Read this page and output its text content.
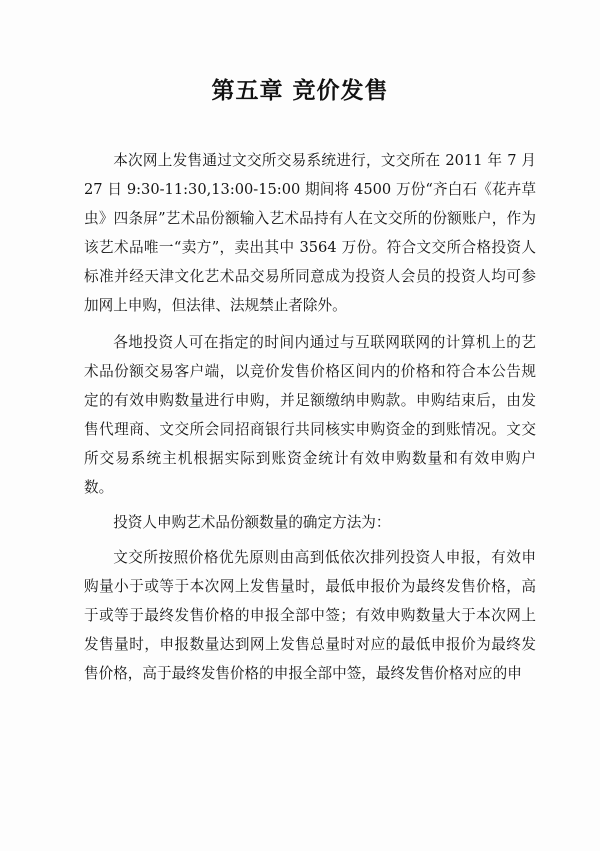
第五章 竞价发售

本次网上发售通过文交所交易系统进行，文交所在 2011 年 7 月 27 日 9:30-11:30,13:00-15:00 期间将 4500 万份“齐白石《花卉草虫》四条屏”艺术品份额输入艺术品持有人在文交所的份额账户，作为该艺术品唯一“卖方”，卖出其中 3564 万份。符合文交所合格投资人标准并经天津文化艺术品交易所同意成为投资人会员的投资人均可参加网上申购，但法律、法规禁止者除外。

各地投资人可在指定的时间内通过与互联网联网的计算机上的艺术品份额交易客户端，以竞价发售价格区间内的价格和符合本公告规定的有效申购数量进行申购，并足额缴纳申购款。申购结束后，由发售代理商、文交所会同招商银行共同核实申购资金的到账情况。文交所交易系统主机根据实际到账资金统计有效申购数量和有效申购户数。

投资人申购艺术品份额数量的确定方法为：

文交所按照价格优先原则由高到低依次排列投资人申报，有效申购量小于或等于本次网上发售量时，最低申报价为最终发售价格，高于或等于最终发售价格的申报全部中签；有效申购数量大于本次网上发售量时，申报数量达到网上发售总量时对应的最低申报价为最终发售价格，高于最终发售价格的申报全部中签，最终发售价格对应的申
